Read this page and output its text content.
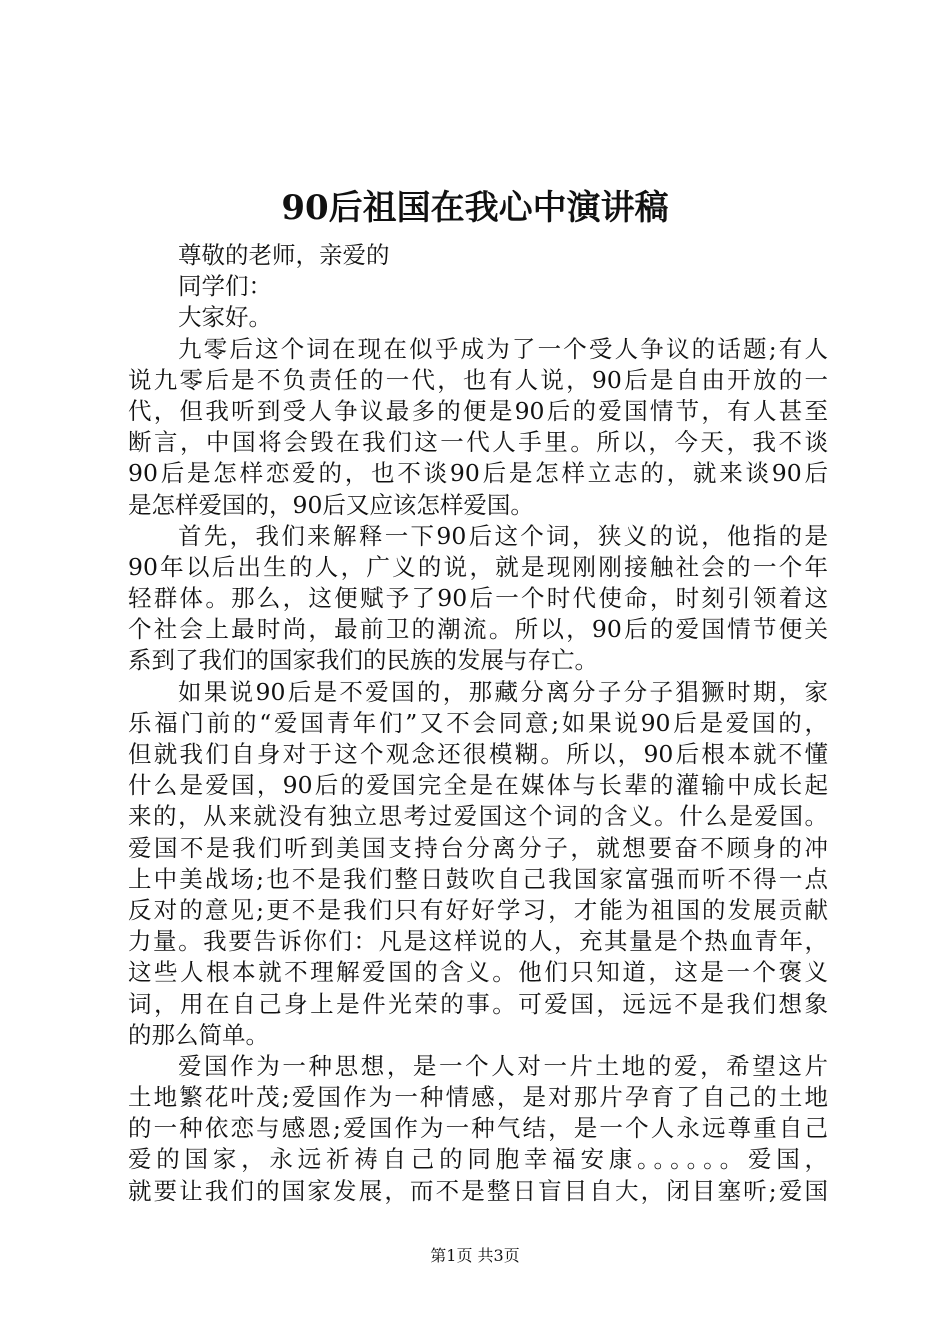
90后祖国在我心中演讲稿
尊敬的老师，亲爱的
同学们：
大家好。
九零后这个词在现在似乎成为了一个受人争议的话题;有人
说九零后是不负责任的一代，也有人说，90后是自由开放的一
代，但我听到受人争议最多的便是90后的爱国情节，有人甚至
断言，中国将会毁在我们这一代人手里。所以，今天，我不谈
90后是怎样恋爱的，也不谈90后是怎样立志的，就来谈90后
是怎样爱国的，90后又应该怎样爱国。
首先，我们来解释一下90后这个词，狭义的说，他指的是
90年以后出生的人，广义的说，就是现刚刚接触社会的一个年
轻群体。那么，这便赋予了90后一个时代使命，时刻引领着这
个社会上最时尚，最前卫的潮流。所以，90后的爱国情节便关
系到了我们的国家我们的民族的发展与存亡。
如果说90后是不爱国的，那藏分离分子分子猖獗时期，家
乐福门前的“爱国青年们”又不会同意;如果说90后是爱国的，
但就我们自身对于这个观念还很模糊。所以，90后根本就不懂
什么是爱国，90后的爱国完全是在媒体与长辈的灌输中成长起
来的，从来就没有独立思考过爱国这个词的含义。什么是爱国。
爱国不是我们听到美国支持台分离分子，就想要奋不顾身的冲
上中美战场;也不是我们整日鼓吹自己我国家富强而听不得一点
反对的意见;更不是我们只有好好学习，才能为祖国的发展贡献
力量。我要告诉你们：凡是这样说的人，充其量是个热血青年，
这些人根本就不理解爱国的含义。他们只知道，这是一个褒义
词，用在自己身上是件光荣的事。可爱国，远远不是我们想象
的那么简单。
爱国作为一种思想，是一个人对一片土地的爱，希望这片
土地繁花叶茂;爱国作为一种情感，是对那片孕育了自己的土地
的一种依恋与感恩;爱国作为一种气结，是一个人永远尊重自己
爱的国家，永远祈祷自己的同胞幸福安康。。。。。。爱国，
就要让我们的国家发展，而不是整日盲目自大，闭目塞听;爱国
第1页 共3页
